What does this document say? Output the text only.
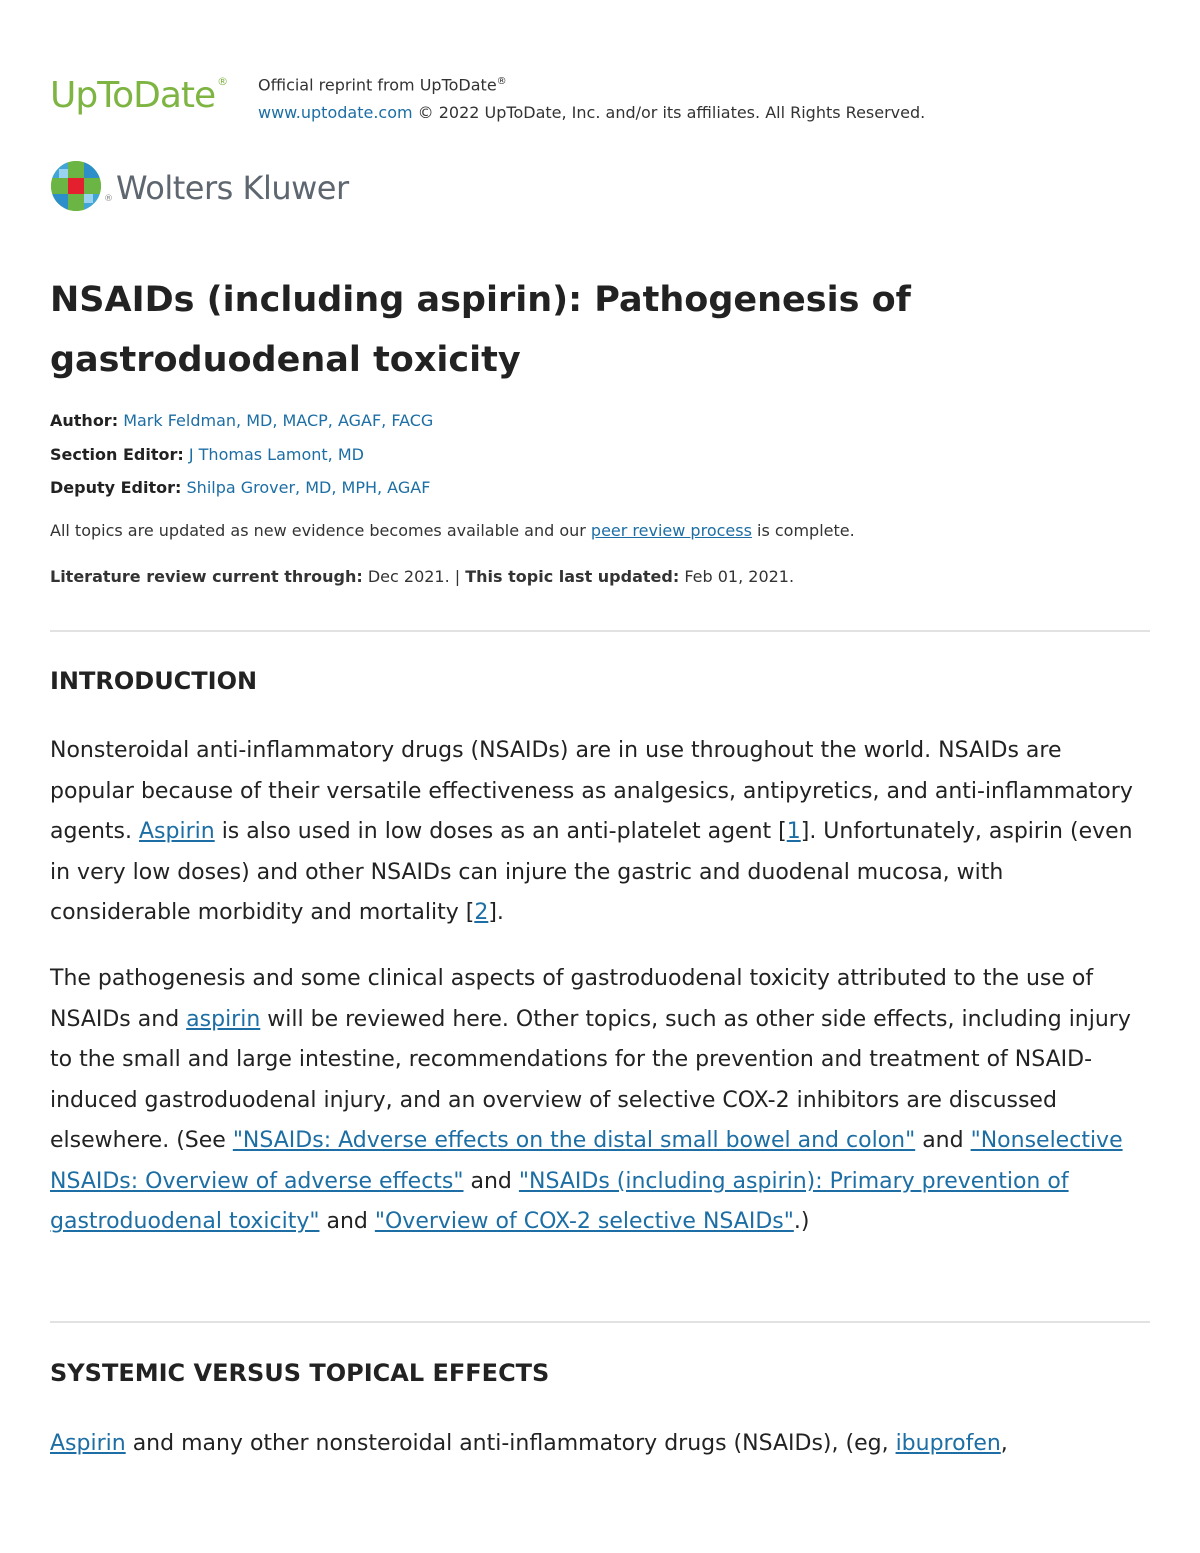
UpToDate ® Official reprint from UpToDate®
www.uptodate.com © 2022 UpToDate, Inc. and/or its affiliates. All Rights Reserved.
® Wolters Kluwer
NSAIDs (including aspirin): Pathogenesis of gastroduodenal toxicity
Author: Mark Feldman, MD, MACP, AGAF, FACG
Section Editor: J Thomas Lamont, MD
Deputy Editor: Shilpa Grover, MD, MPH, AGAF
All topics are updated as new evidence becomes available and our peer review process is complete.
Literature review current through: Dec 2021. | This topic last updated: Feb 01, 2021.
INTRODUCTION
Nonsteroidal anti-inflammatory drugs (NSAIDs) are in use throughout the world. NSAIDs are popular because of their versatile effectiveness as analgesics, antipyretics, and anti-inflammatory agents. Aspirin is also used in low doses as an anti-platelet agent [1]. Unfortunately, aspirin (even in very low doses) and other NSAIDs can injure the gastric and duodenal mucosa, with considerable morbidity and mortality [2].
The pathogenesis and some clinical aspects of gastroduodenal toxicity attributed to the use of NSAIDs and aspirin will be reviewed here. Other topics, such as other side effects, including injury to the small and large intestine, recommendations for the prevention and treatment of NSAID-induced gastroduodenal injury, and an overview of selective COX-2 inhibitors are discussed elsewhere. (See "NSAIDs: Adverse effects on the distal small bowel and colon" and "Nonselective NSAIDs: Overview of adverse effects" and "NSAIDs (including aspirin): Primary prevention of gastroduodenal toxicity" and "Overview of COX-2 selective NSAIDs".)
SYSTEMIC VERSUS TOPICAL EFFECTS
Aspirin and many other nonsteroidal anti-inflammatory drugs (NSAIDs), (eg, ibuprofen,
